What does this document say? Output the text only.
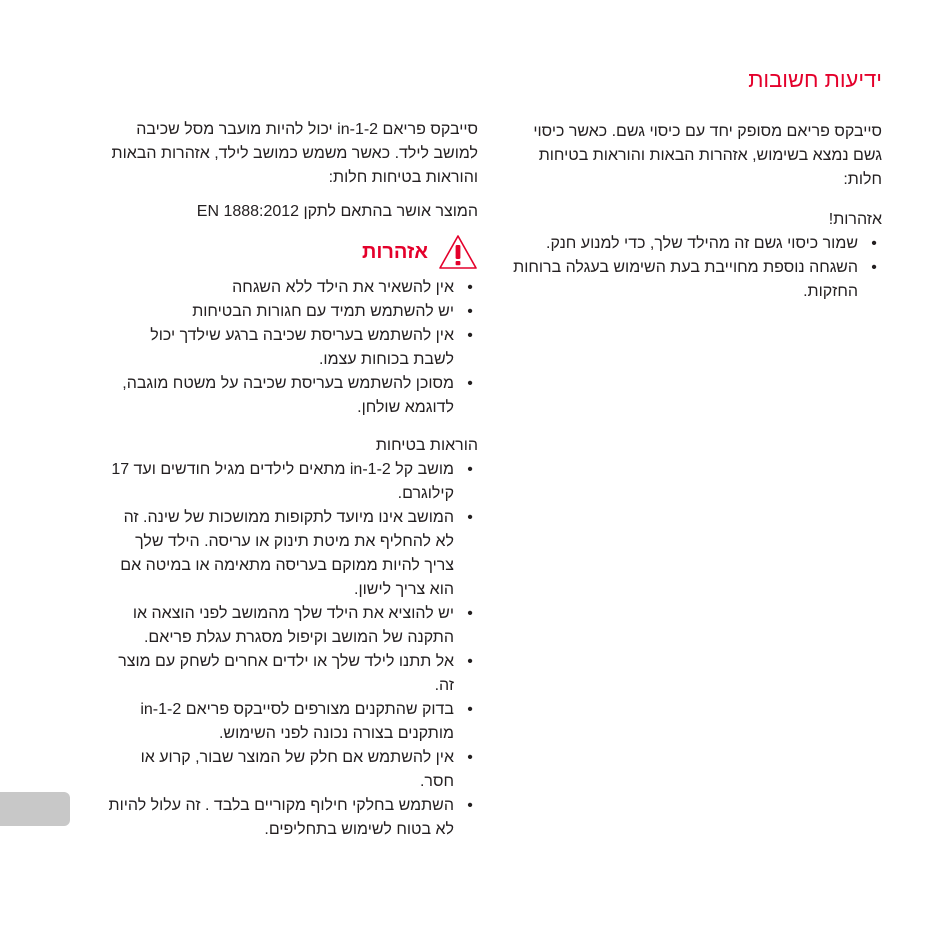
ידיעות חשובות

סייבקס פריאם מסופק יחד עם כיסוי גשם. כאשר כיסוי גשם נמצא בשימוש, אזהרות הבאות והוראות בטיחות חלות:

אזהרות!

•
שמור כיסוי גשם זה מהילד שלך, כדי למנוע חנק.
•
השגחה נוספת מחוייבת בעת השימוש בעגלה ברוחות החזקות.

סייבקס פריאם 2-in-1 יכול להיות מועבר מסל שכיבה למושב לילד. כאשר משמש כמושב לילד, אזהרות הבאות והוראות בטיחות חלות:

המוצר אושר בהתאם לתקן EN 1888:2012

אזהרות
•
אין להשאיר את הילד ללא השגחה
•
יש להשתמש תמיד עם חגורות הבטיחות
•
אין להשתמש בעריסת שכיבה ברגע שילדך יכול לשבת בכוחות עצמו.
•
מסוכן להשתמש בעריסת שכיבה על משטח מוגבה, לדוגמא שולחן.

הוראות בטיחות

•
מושב קל 2-in-1 מתאים לילדים מגיל חודשים ועד 17 קילוגרם.
•
המושב אינו מיועד לתקופות ממושכות של שינה. זה לא להחליף את מיטת תינוק או עריסה. הילד שלך צריך להיות ממוקם בעריסה מתאימה או במיטה אם הוא צריך לישון.
•
יש להוציא את הילד שלך מהמושב לפני הוצאה או התקנה של המושב וקיפול מסגרת עגלת פריאם.
•
אל תתנו לילד שלך או ילדים אחרים לשחק עם מוצר זה.
•
בדוק שהתקנים מצורפים לסייבקס פריאם 2-in-1 מותקנים בצורה נכונה לפני השימוש.
•
אין להשתמש אם חלק של המוצר שבור, קרוע או חסר.
•
השתמש בחלקי חילוף מקוריים בלבד . זה עלול להיות לא בטוח לשימוש בתחליפים.
